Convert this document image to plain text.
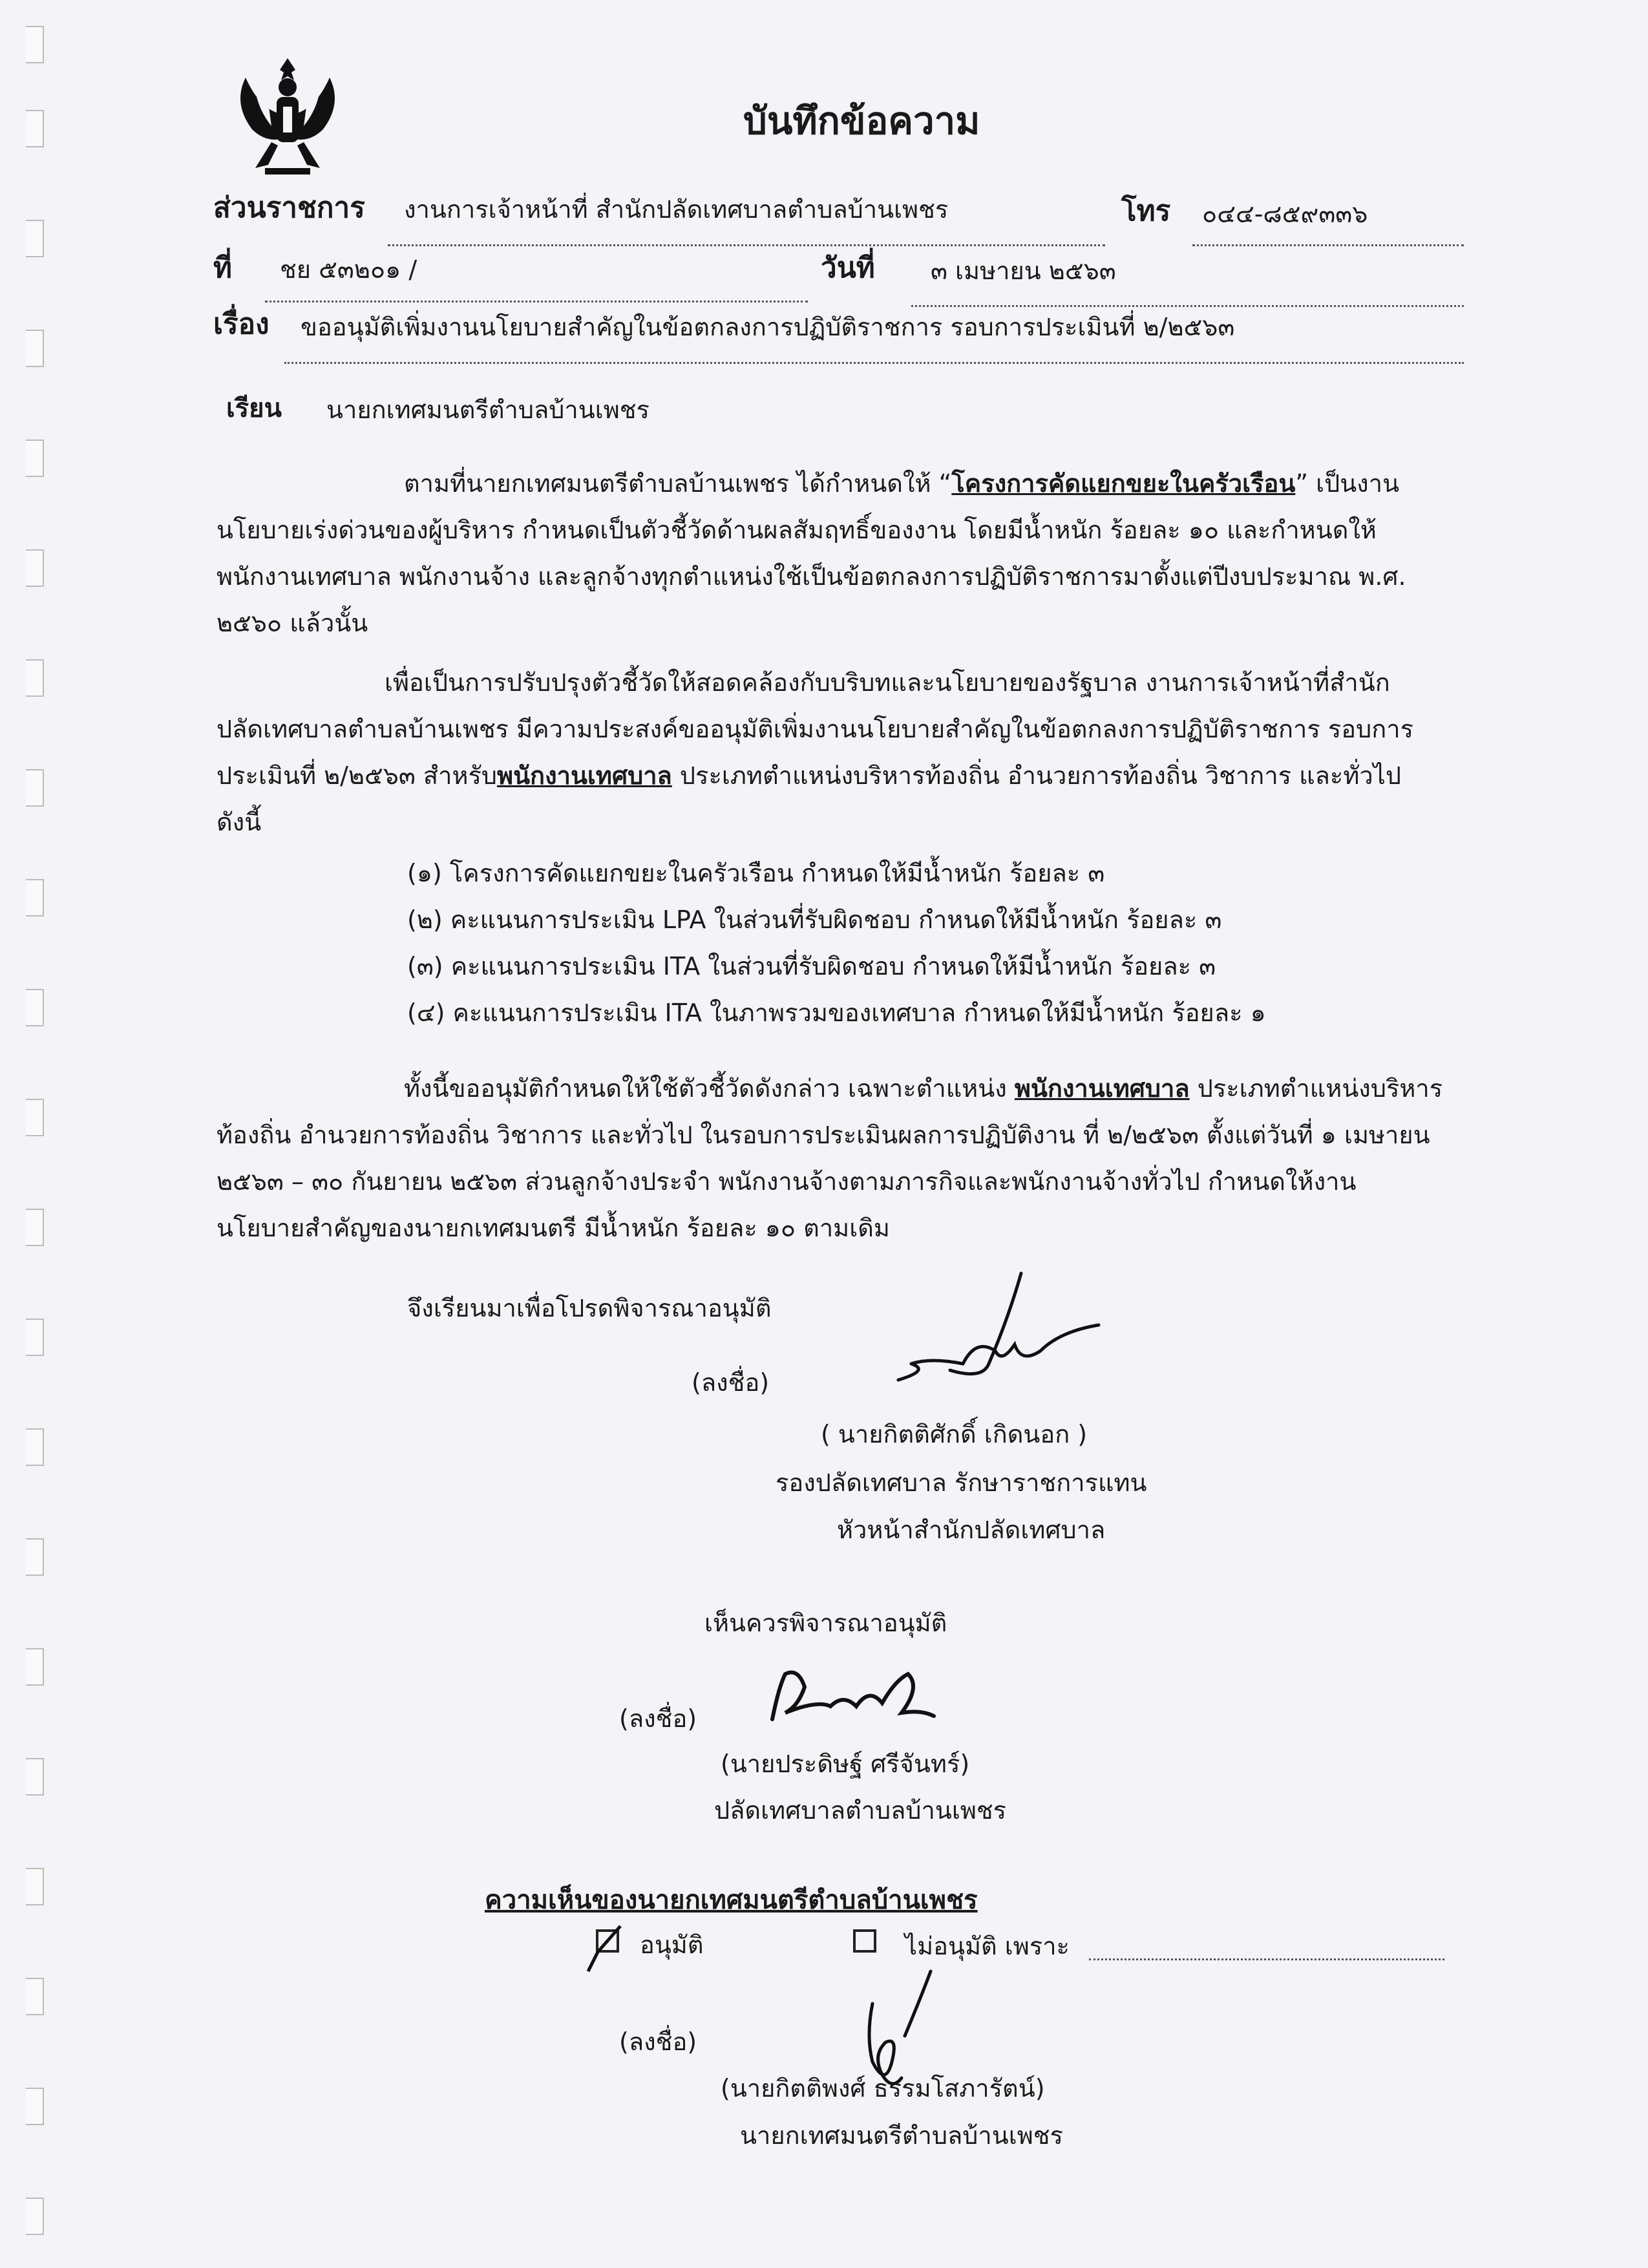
บันทึกข้อความ
ส่วนราชการ งานการเจ้าหน้าที่ สำนักปลัดเทศบาลตำบลบ้านเพชร	โทร ๐๔๔-๘๕๙๓๓๖
ที่ ชย ๕๓๒๐๑ /	วันที่ ๓ เมษายน ๒๕๖๓
เรื่อง ขออนุมัติเพิ่มงานนโยบายสำคัญในข้อตกลงการปฏิบัติราชการ รอบการประเมินที่ ๒/๒๕๖๓
เรียน นายกเทศมนตรีตำบลบ้านเพชร
ตามที่นายกเทศมนตรีตำบลบ้านเพชร ได้กำหนดให้ “โครงการคัดแยกขยะในครัวเรือน” เป็นงาน
นโยบายเร่งด่วนของผู้บริหาร กำหนดเป็นตัวชี้วัดด้านผลสัมฤทธิ์ของงาน โดยมีน้ำหนัก ร้อยละ ๑๐ และกำหนดให้
พนักงานเทศบาล พนักงานจ้าง และลูกจ้างทุกตำแหน่งใช้เป็นข้อตกลงการปฏิบัติราชการมาตั้งแต่ปีงบประมาณ พ.ศ.
๒๕๖๐ แล้วนั้น
เพื่อเป็นการปรับปรุงตัวชี้วัดให้สอดคล้องกับบริบทและนโยบายของรัฐบาล งานการเจ้าหน้าที่สำนัก
ปลัดเทศบาลตำบลบ้านเพชร มีความประสงค์ขออนุมัติเพิ่มงานนโยบายสำคัญในข้อตกลงการปฏิบัติราชการ รอบการ
ประเมินที่ ๒/๒๕๖๓ สำหรับพนักงานเทศบาล ประเภทตำแหน่งบริหารท้องถิ่น อำนวยการท้องถิ่น วิชาการ และทั่วไป
ดังนี้
(๑) โครงการคัดแยกขยะในครัวเรือน กำหนดให้มีน้ำหนัก ร้อยละ ๓
(๒) คะแนนการประเมิน LPA ในส่วนที่รับผิดชอบ กำหนดให้มีน้ำหนัก ร้อยละ ๓
(๓) คะแนนการประเมิน ITA ในส่วนที่รับผิดชอบ กำหนดให้มีน้ำหนัก ร้อยละ ๓
(๔) คะแนนการประเมิน ITA ในภาพรวมของเทศบาล กำหนดให้มีน้ำหนัก ร้อยละ ๑
ทั้งนี้ขออนุมัติกำหนดให้ใช้ตัวชี้วัดดังกล่าว เฉพาะตำแหน่ง พนักงานเทศบาล ประเภทตำแหน่งบริหาร
ท้องถิ่น อำนวยการท้องถิ่น วิชาการ และทั่วไป ในรอบการประเมินผลการปฏิบัติงาน ที่ ๒/๒๕๖๓ ตั้งแต่วันที่ ๑ เมษายน
๒๕๖๓ – ๓๐ กันยายน ๒๕๖๓ ส่วนลูกจ้างประจำ พนักงานจ้างตามภารกิจและพนักงานจ้างทั่วไป กำหนดให้งาน
นโยบายสำคัญของนายกเทศมนตรี มีน้ำหนัก ร้อยละ ๑๐ ตามเดิม
จึงเรียนมาเพื่อโปรดพิจารณาอนุมัติ
(ลงชื่อ)
( นายกิตติศักดิ์ เกิดนอก )
รองปลัดเทศบาล รักษาราชการแทน
หัวหน้าสำนักปลัดเทศบาล
เห็นควรพิจารณาอนุมัติ
(ลงชื่อ)
(นายประดิษฐ์ ศรีจันทร์)
ปลัดเทศบาลตำบลบ้านเพชร
ความเห็นของนายกเทศมนตรีตำบลบ้านเพชร
อนุมัติ	ไม่อนุมัติ เพราะ
(ลงชื่อ)
(นายกิตติพงศ์ ธรรมโสภารัตน์)
นายกเทศมนตรีตำบลบ้านเพชร
